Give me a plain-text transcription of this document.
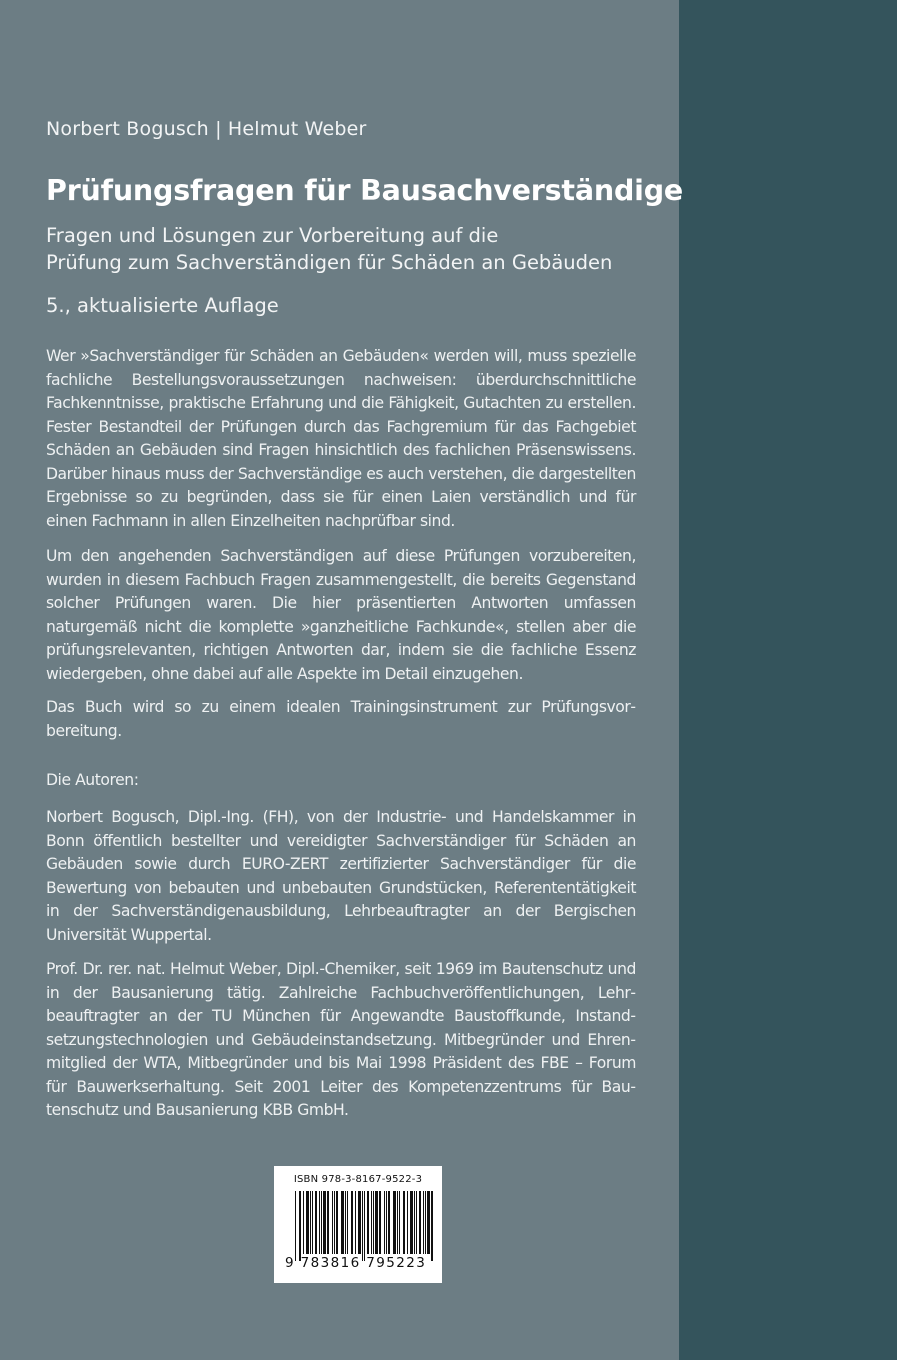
Norbert Bogusch | Helmut Weber

Prüfungsfragen für Bausachverständige

Fragen und Lösungen zur Vorbereitung auf die
Prüfung zum Sachverständigen für Schäden an Gebäuden

5., aktualisierte Auflage

Wer »Sachverständiger für Schäden an Gebäuden« werden will, muss spezielle fachliche Bestellungsvoraussetzungen nachweisen: überdurchschnittliche Fachkenntnisse, praktische Erfahrung und die Fähigkeit, Gutachten zu erstellen. Fester Bestandteil der Prüfungen durch das Fachgremium für das Fachgebiet Schäden an Gebäuden sind Fragen hinsichtlich des fachlichen Präsenswissens. Darüber hinaus muss der Sachverständige es auch verstehen, die dargestellten Ergebnisse so zu begründen, dass sie für einen Laien verständlich und für einen Fachmann in allen Einzelheiten nachprüfbar sind.

Um den angehenden Sachverständigen auf diese Prüfungen vorzubereiten, wurden in diesem Fachbuch Fragen zusammengestellt, die bereits Gegenstand solcher Prüfungen waren. Die hier präsentierten Antworten umfassen naturgemäß nicht die komplette »ganzheitliche Fachkunde«, stellen aber die prüfungsrelevanten, richtigen Antworten dar, indem sie die fachliche Essenz wiedergeben, ohne dabei auf alle Aspekte im Detail einzugehen.

Das Buch wird so zu einem idealen Trainingsinstrument zur Prüfungsvorbereitung.

Die Autoren:

Norbert Bogusch, Dipl.-Ing. (FH), von der Industrie- und Handelskammer in Bonn öffentlich bestellter und vereidigter Sachverständiger für Schäden an Gebäuden sowie durch EURO-ZERT zertifizierter Sachverständiger für die Bewertung von bebauten und unbebauten Grundstücken, Referententätigkeit in der Sachverständigenausbildung, Lehrbeauftragter an der Bergischen Universität Wuppertal.

Prof. Dr. rer. nat. Helmut Weber, Dipl.-Chemiker, seit 1969 im Bautenschutz und in der Bausanierung tätig. Zahlreiche Fachbuchveröffentlichungen, Lehrbeauftragter an der TU München für Angewandte Baustoffkunde, Instandsetzungstechnologien und Gebäudeinstandsetzung. Mitbegründer und Ehrenmitglied der WTA, Mitbegründer und bis Mai 1998 Präsident des FBE – Forum für Bauwerkserhaltung. Seit 2001 Leiter des Kompetenzzentrums für Bautenschutz und Bausanierung KBB GmbH.

ISBN 978-3-8167-9522-3
9 783816 795223
